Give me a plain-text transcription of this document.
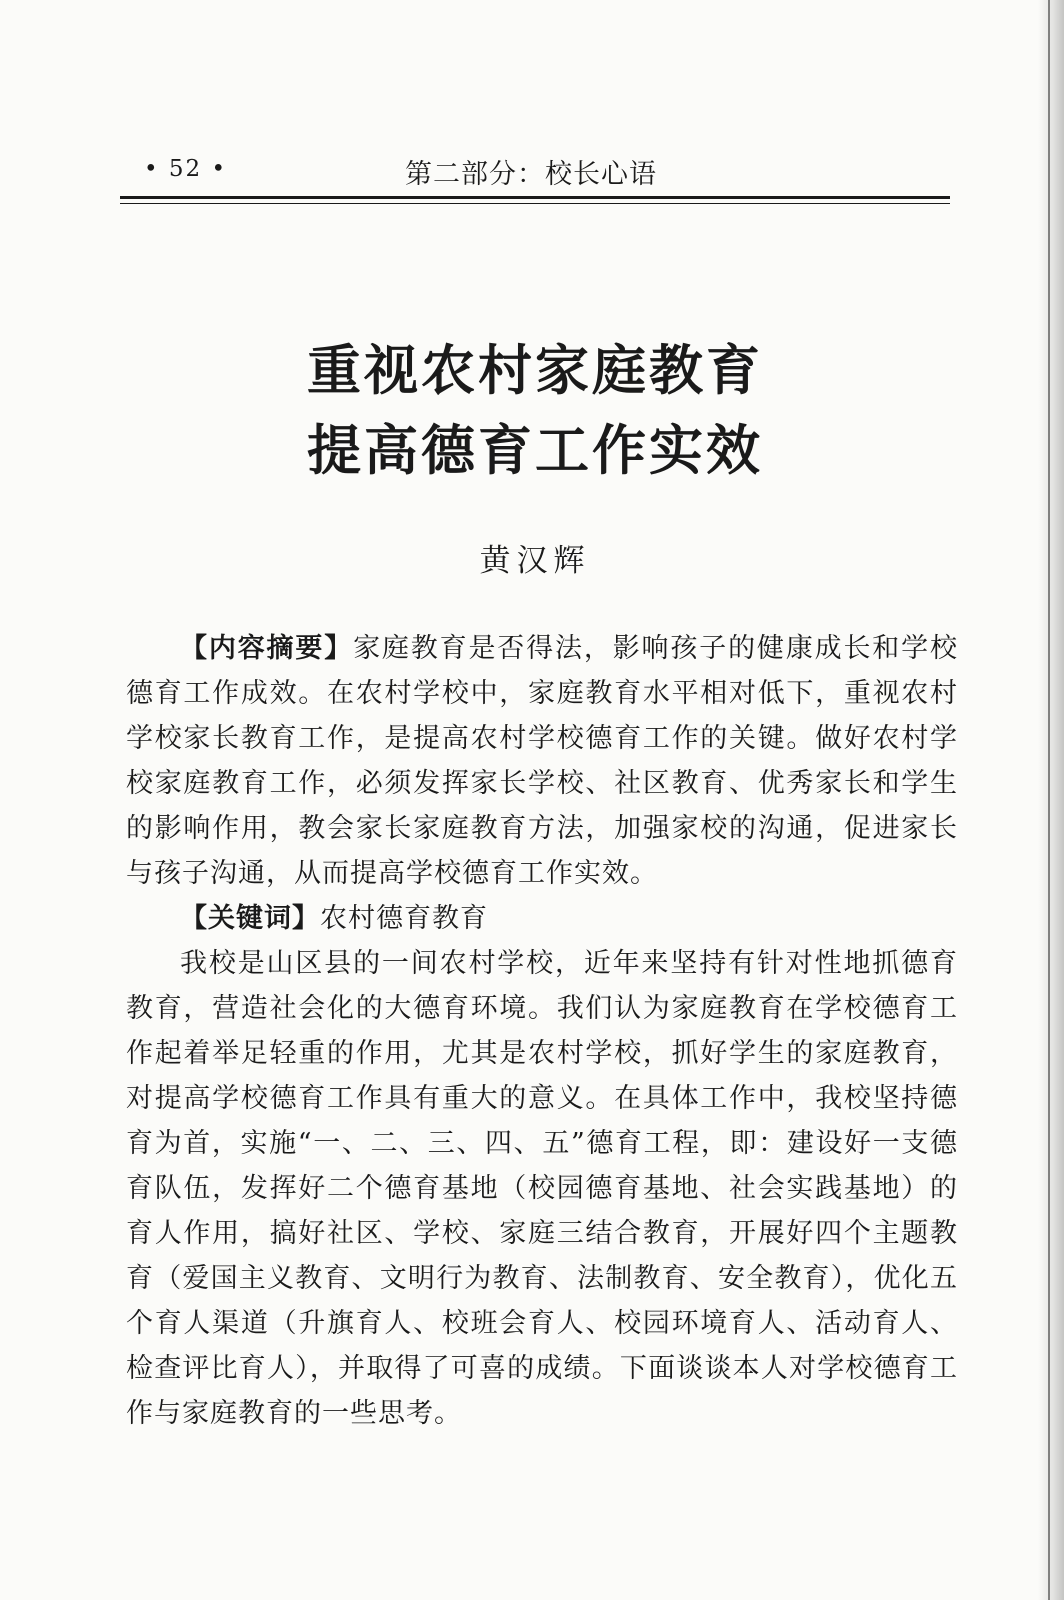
• 52 •	第二部分：校长心语
重视农村家庭教育
提高德育工作实效
黄汉辉

【内容摘要】家庭教育是否得法，影响孩子的健康成长和学校德育工作成效。在农村学校中，家庭教育水平相对低下，重视农村学校家长教育工作，是提高农村学校德育工作的关键。做好农村学校家庭教育工作，必须发挥家长学校、社区教育、优秀家长和学生的影响作用，教会家长家庭教育方法，加强家校的沟通，促进家长与孩子沟通，从而提高学校德育工作实效。

【关键词】农村德育教育

我校是山区县的一间农村学校，近年来坚持有针对性地抓德育教育，营造社会化的大德育环境。我们认为家庭教育在学校德育工作起着举足轻重的作用，尤其是农村学校，抓好学生的家庭教育，对提高学校德育工作具有重大的意义。在具体工作中，我校坚持德育为首，实施“一、二、三、四、五”德育工程，即：建设好一支德育队伍，发挥好二个德育基地（校园德育基地、社会实践基地）的育人作用，搞好社区、学校、家庭三结合教育，开展好四个主题教育（爱国主义教育、文明行为教育、法制教育、安全教育），优化五个育人渠道（升旗育人、校班会育人、校园环境育人、活动育人、检查评比育人），并取得了可喜的成绩。下面谈谈本人对学校德育工作与家庭教育的一些思考。
